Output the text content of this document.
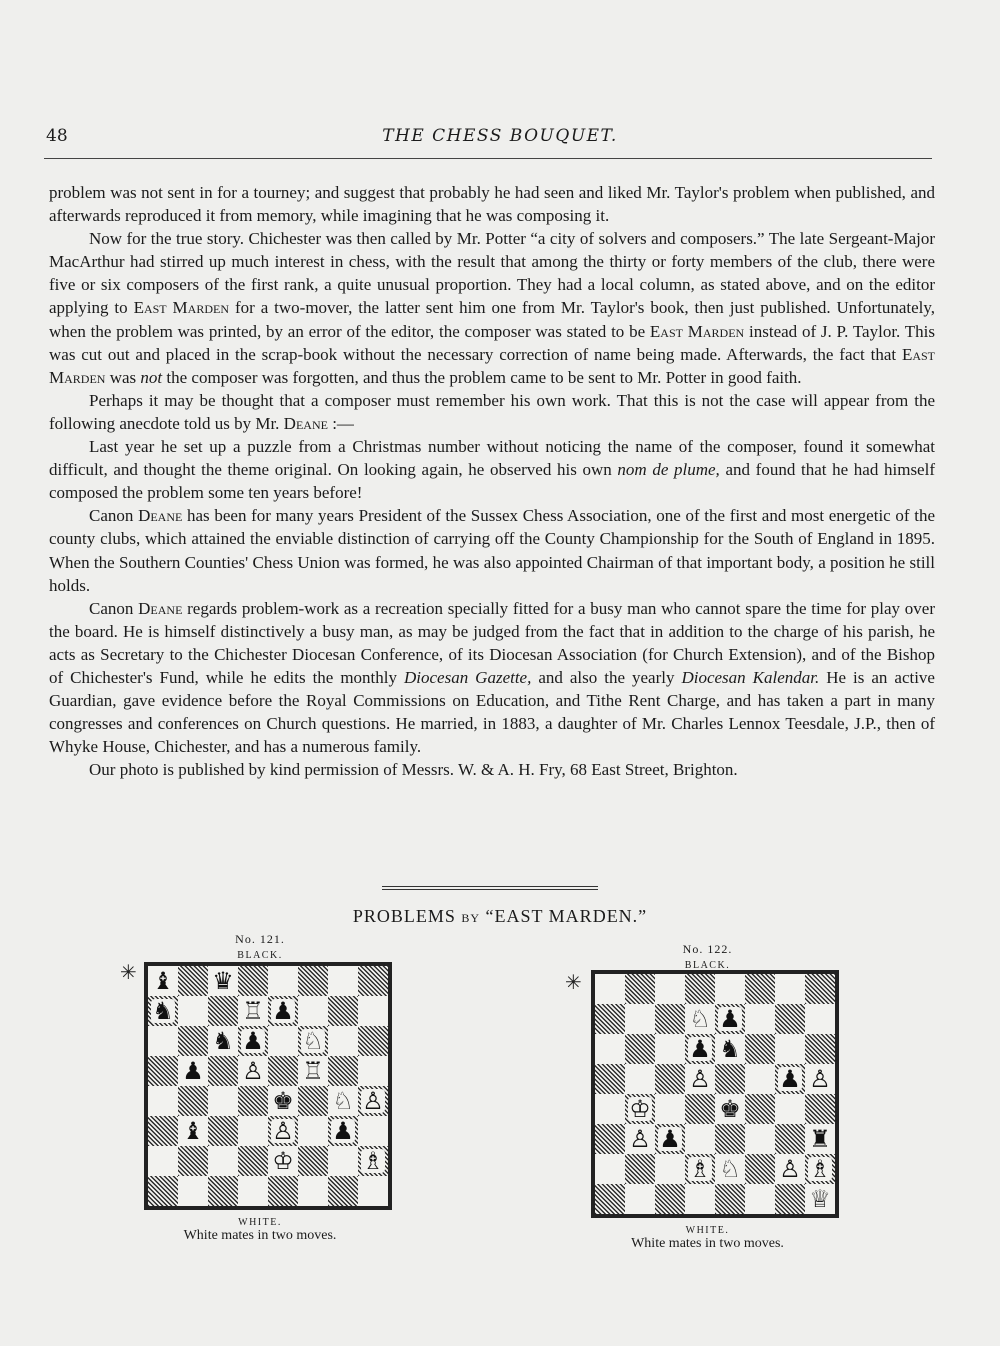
48	THE CHESS BOUQUET.

problem was not sent in for a tourney; and suggest that probably he had seen and liked Mr. Taylor's problem when published, and afterwards reproduced it from memory, while imagining that he was composing it.

Now for the true story. Chichester was then called by Mr. Potter “a city of solvers and composers.” The late Sergeant-Major MacArthur had stirred up much interest in chess, with the result that among the thirty or forty members of the club, there were five or six composers of the first rank, a quite unusual proportion. They had a local column, as stated above, and on the editor applying to East Marden for a two-mover, the latter sent him one from Mr. Taylor's book, then just published. Unfortunately, when the problem was printed, by an error of the editor, the composer was stated to be East Marden instead of J. P. Taylor. This was cut out and placed in the scrap-book without the necessary correction of name being made. Afterwards, the fact that East Marden was not the composer was forgotten, and thus the problem came to be sent to Mr. Potter in good faith.

Perhaps it may be thought that a composer must remember his own work. That this is not the case will appear from the following anecdote told us by Mr. Deane :—

Last year he set up a puzzle from a Christmas number without noticing the name of the composer, found it somewhat difficult, and thought the theme original. On looking again, he observed his own nom de plume, and found that he had himself composed the problem some ten years before!

Canon Deane has been for many years President of the Sussex Chess Association, one of the first and most energetic of the county clubs, which attained the enviable distinction of carrying off the County Championship for the South of England in 1895. When the Southern Counties' Chess Union was formed, he was also appointed Chairman of that important body, a position he still holds.

Canon Deane regards problem-work as a recreation specially fitted for a busy man who cannot spare the time for play over the board. He is himself distinctively a busy man, as may be judged from the fact that in addition to the charge of his parish, he acts as Secretary to the Chichester Diocesan Conference, of its Diocesan Association (for Church Extension), and of the Bishop of Chichester's Fund, while he edits the monthly Diocesan Gazette, and also the yearly Diocesan Kalendar. He is an active Guardian, gave evidence before the Royal Commissions on Education, and Tithe Rent Charge, and has taken a part in many congresses and conferences on Church questions. He married, in 1883, a daughter of Mr. Charles Lennox Teesdale, J.P., then of Whyke House, Chichester, and has a numerous family.

Our photo is published by kind permission of Messrs. W. & A. H. Fry, 68 East Street, Brighton.

PROBLEMS BY “EAST MARDEN.”
No. 121.
BLACK.
✳ ♝ ♛
♞	♖ ♟
♞ ♟ ♘
♟ ♙ ♖
♚ ♘ ♙
♝	♙ ♟
♔	♗
WHITE.
White mates in two moves.
No. 122.
BLACK.
✳
♘ ♟
♟ ♞
♙	♟ ♙
♔	♚
♙ ♟	♜
♗ ♘ ♙ ♗
♕
WHITE.
White mates in two moves.
